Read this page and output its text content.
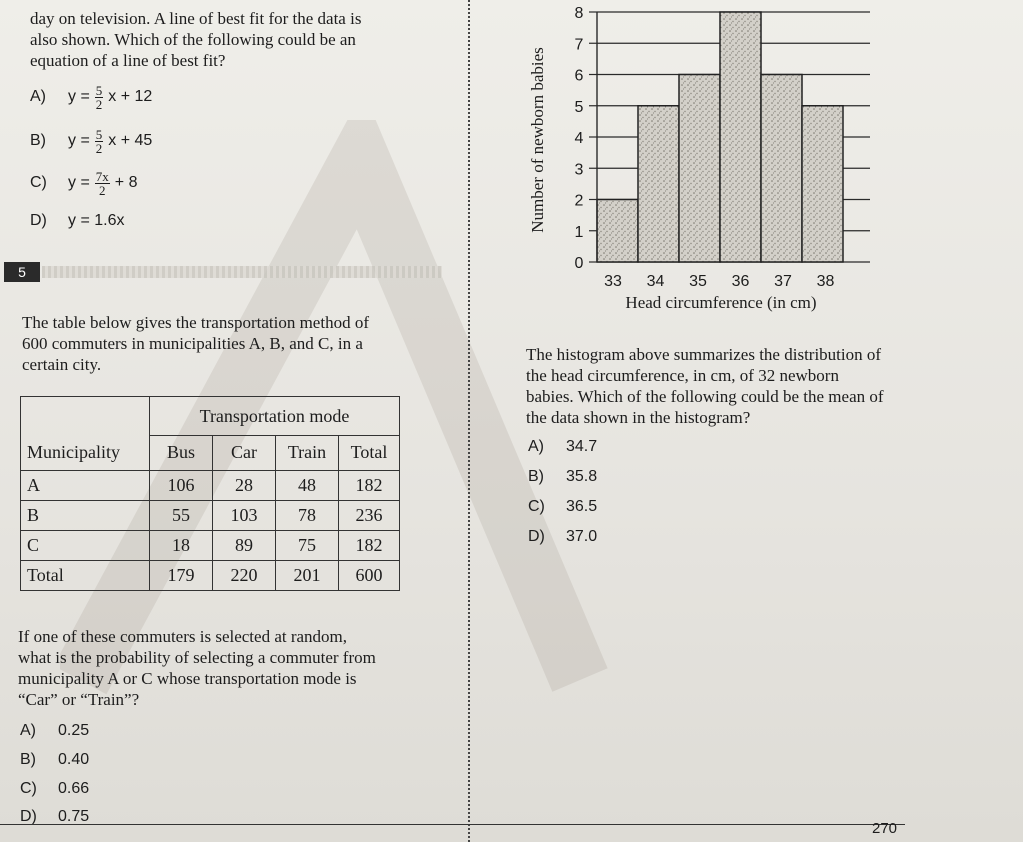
day on television. A line of best fit for the data is
also shown. Which of the following could be an
equation of a line of best fit?
A) $y = \frac{5}{2}$ x + 12
B) $y = \frac{5}{2}$ x + 45
C) $y = \frac{7x}{2} + 8$
D) y = 1.6x
5
The table below gives the transportation method of
600 commuters in municipalities A, B, and C, in a
certain city.
	Transportation mode			
Municipality	Bus	Car	Train	Total
A	106	28	48	182
B	55	103	78	236
C	18	89	75	182
Total	179	220	201	600
If one of these commuters is selected at random,
what is the probability of selecting a commuter from
municipality A or C whose transportation mode is
“Car” or “Train”?
A) 0.25
B) 0.40
C) 0.66
D) 0.75
0
1
2
3
4
5
6
7
8
33 34 35 36 37 38
Number of newborn babies
Head circumference (in cm)
The histogram above summarizes the distribution of
the head circumference, in cm, of 32 newborn
babies. Which of the following could be the mean of
the data shown in the histogram?
A) 34.7
B) 35.8
C) 36.5
D) 37.0
270
